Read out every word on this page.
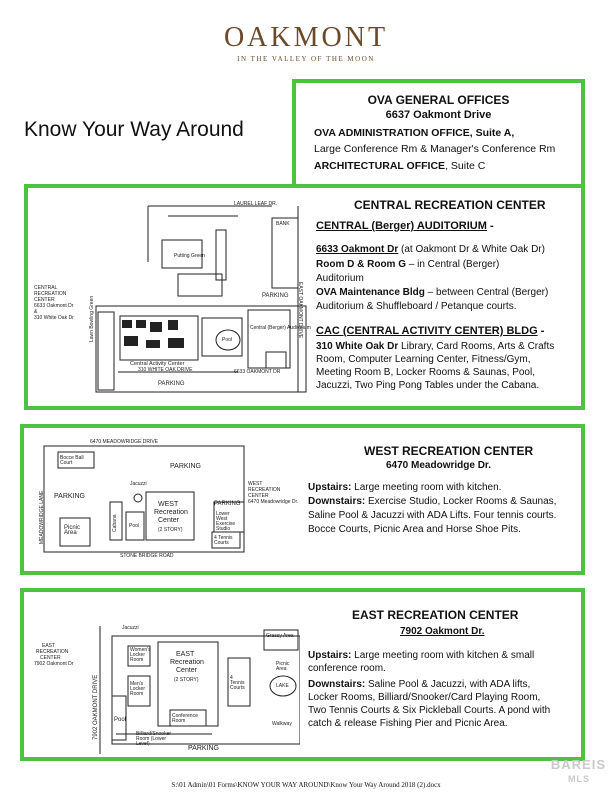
OAKMONT
IN THE VALLEY OF THE MOON
Know Your Way Around
OVA GENERAL OFFICES
6637 Oakmont Drive
OVA ADMINISTRATION OFFICE, Suite A,
Large Conference Rm & Manager's Conference Rm
ARCHITECTURAL OFFICE, Suite C
CENTRAL RECREATION CENTER
CENTRAL (Berger) AUDITORIUM -
6633 Oakmont Dr (at Oakmont Dr & White Oak Dr)
Room D & Room G – in Central (Berger)
Auditorium
OVA Maintenance Bldg – between Central (Berger)
Auditorium & Shuffleboard / Petanque courts.
CAC (CENTRAL ACTIVITY CENTER) BLDG -
310 White Oak Dr Library, Card Rooms, Arts & Crafts
Room, Computer Learning Center, Fitness/Gym,
Meeting Room B, Locker Rooms & Saunas, Pool,
Jacuzzi, Two Ping Pong Tables under the Cabana.
CENTRAL
RECREATION
CENTER
6633 Oakmont Dr
&
310 White Oak Dr
LAUREL LEAF DR.
BANK
PARKING
Putting Green
Central (Berger) Auditorium
Central Activity Center
310 WHITE OAK DRIVE	6633 OAKMONT DR
PARKING
Pool
Lawn Bowling Green	EAST OAKMONT DRIVE
WEST RECREATION CENTER
6470 Meadowridge Dr.
Upstairs: Large meeting room with kitchen.
Downstairs: Exercise Studio, Locker Rooms & Saunas,
Saline Pool & Jacuzzi with ADA Lifts. Four tennis courts.
Bocce Courts, Picnic Area and Horse Shoe Pits.
6470 MEADOWRIDGE DRIVE
Bocce Ball Court	PARKING
PARKING
PARKING
Jacuzzi
WEST
Recreation
Center
(2 STORY)
Cabana Pool
Picnic Area
Lower West Exercise Studio
4 Tennis Courts
STONE BRIDGE ROAD
MEADOWRIDGE LANE
WEST
RECREATION
CENTER
6470 Meadowridge Dr.
EAST RECREATION CENTER
7902 Oakmont Dr.
Upstairs: Large meeting room with kitchen & small
conference room.
Downstairs: Saline Pool & Jacuzzi, with ADA lifts,
Locker Rooms, Billiard/Snooker/Card Playing Room,
Two Tennis Courts & Six Pickleball Courts. A pond with
catch & release Fishing Pier and Picnic Area.
EAST
RECREATION
CENTER
7902 Oakmont Dr
7902 OAKMONT DRIVE
Jacuzzi
Women's Locker Room
Men's Locker Room
EAST
Recreation
Center
(2 STORY)
Conference Room
Billiard/Snooker Room (Lower Level)
Pool
PARKING
Grassy Area
Picnic Area
4 Tennis Courts	LAKE
Walkway
S:\01 Admin\01 Forms\KNOW YOUR WAY AROUND\Know Your Way Around 2018 (2).docx
BAREIS
MLS
